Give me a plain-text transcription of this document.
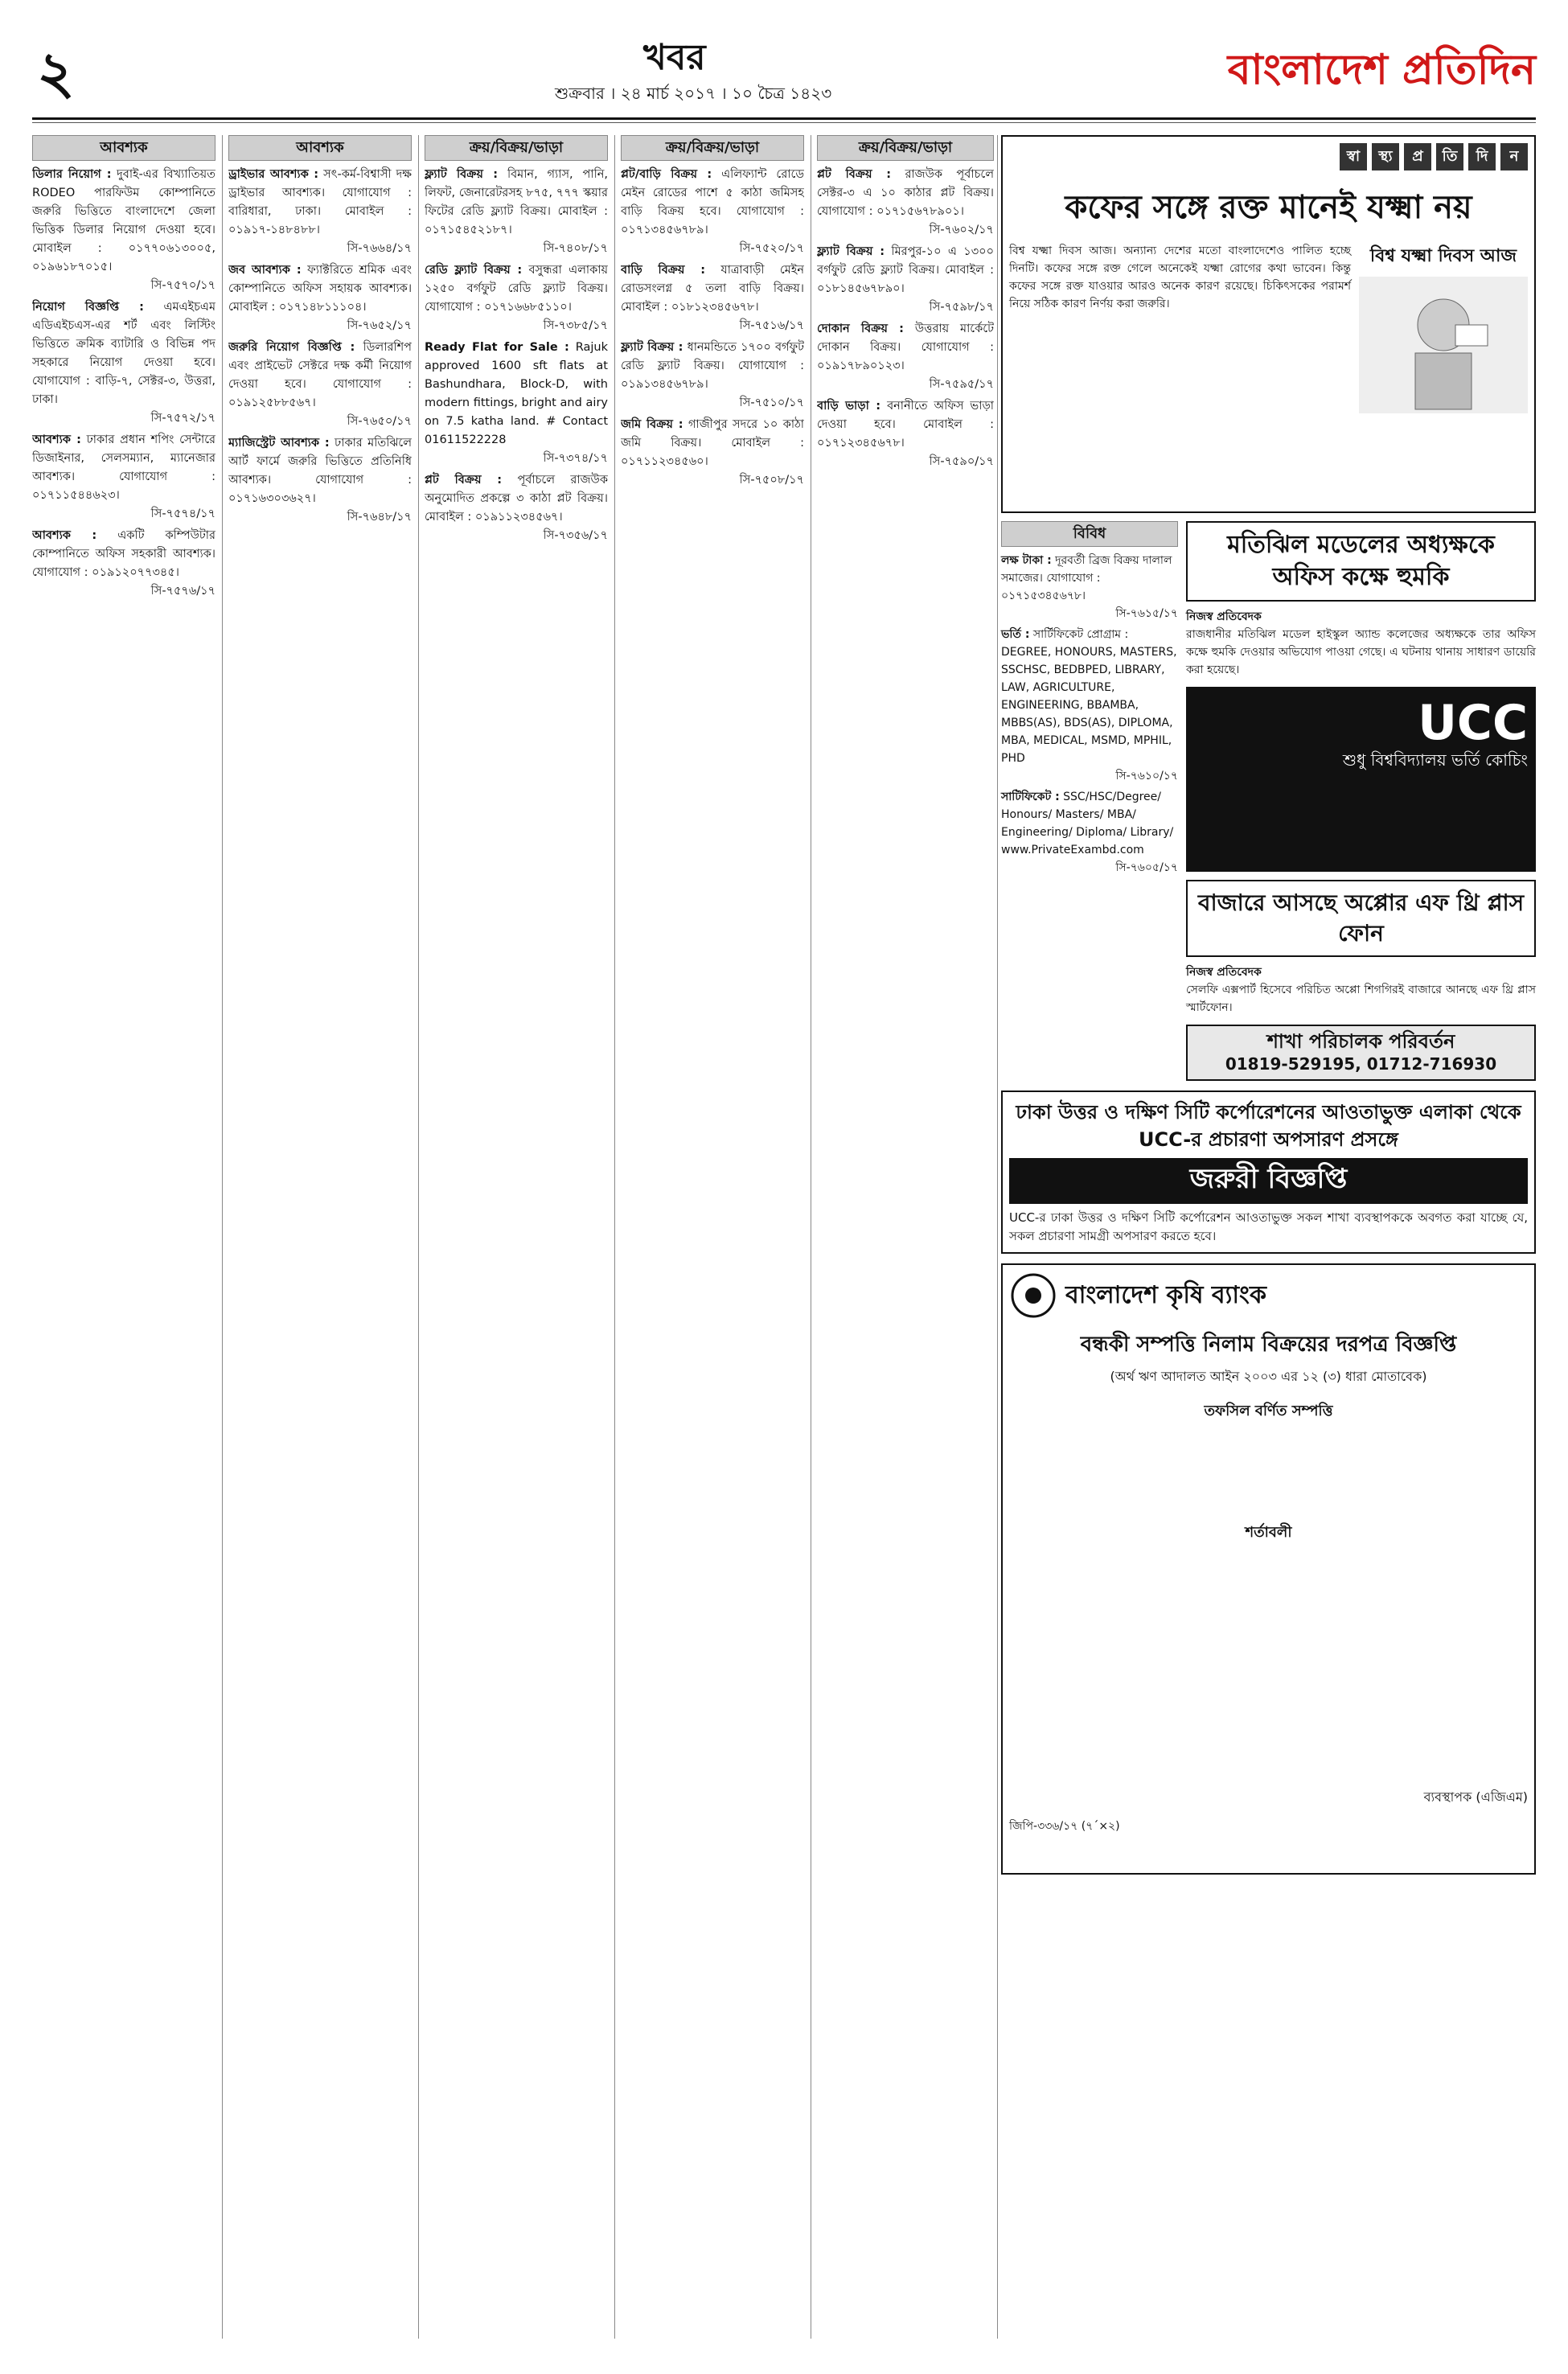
২	খবর
শুক্রবার । ২৪ মার্চ ২০১৭ । ১০ চৈত্র ১৪২৩	বাংলাদেশ প্রতিদিন
আবশ্যক
ডিলার নিয়োগ : দুবাই-এর বিখ্যাতিয়ত RODEO পারফিউম কোম্পানিতে জরুরি ভিত্তিতে বাংলাদেশে জেলা ভিত্তিক ডিলার নিয়োগ দেওয়া হবে। মোবাইল : ০১৭৭০৬১৩০০৫, ০১৯৬১৮৭০১৫।
সি-৭৫৭০/১৭
নিয়োগ বিজ্ঞপ্তি : এমএইচএম এডিএইচএস-এর শর্ট এবং লিস্টিং ভিত্তিতে ক্রমিক ব্যাটারি ও বিভিন্ন পদ সহকারে নিয়োগ দেওয়া হবে। যোগাযোগ : বাড়ি-৭, সেক্টর-৩, উত্তরা, ঢাকা।
সি-৭৫৭২/১৭
আবশ্যক : ঢাকার প্রধান শপিং সেন্টারে ডিজাইনার, সেলসম্যান, ম্যানেজার আবশ্যক। যোগাযোগ : ০১৭১১৫৪৪৬২৩।
সি-৭৫৭৪/১৭
আবশ্যক : একটি কম্পিউটার কোম্পানিতে অফিস সহকারী আবশ্যক। যোগাযোগ : ০১৯১২০৭৭৩৪৫।
সি-৭৫৭৬/১৭
আবশ্যক
ড্রাইভার আবশ্যক : সৎ-কর্ম-বিশ্বাসী দক্ষ ড্রাইভার আবশ্যক। যোগাযোগ : বারিধারা, ঢাকা। মোবাইল : ০১৯১৭-১৪৮৪৮৮।
সি-৭৬৬৪/১৭
জব আবশ্যক : ফ্যাক্টরিতে শ্রমিক এবং কোম্পানিতে অফিস সহায়ক আবশ্যক। মোবাইল : ০১৭১৪৮১১১০৪।
সি-৭৬৫২/১৭
জরুরি নিয়োগ বিজ্ঞপ্তি : ডিলারশিপ এবং প্রাইভেট সেক্টরে দক্ষ কর্মী নিয়োগ দেওয়া হবে। যোগাযোগ : ০১৯১২৫৮৮৫৬৭।
সি-৭৬৫০/১৭
ম্যাজিস্ট্রেট আবশ্যক : ঢাকার মতিঝিলে আর্ট ফার্মে জরুরি ভিত্তিতে প্রতিনিধি আবশ্যক। যোগাযোগ : ০১৭১৬৩০৩৬২৭।
সি-৭৬৪৮/১৭
ক্রয়/বিক্রয়/ভাড়া
ফ্ল্যাট বিক্রয় : বিমান, গ্যাস, পানি, লিফট, জেনারেটরসহ ৮৭৫, ৭৭৭ স্কয়ার ফিটের রেডি ফ্ল্যাট বিক্রয়। মোবাইল : ০১৭১৫৪৫২১৮৭।
সি-৭৪০৮/১৭
রেডি ফ্ল্যাট বিক্রয় : বসুন্ধরা এলাকায় ১২৫০ বর্গফুট রেডি ফ্ল্যাট বিক্রয়। যোগাযোগ : ০১৭১৬৬৮৫১১০।
সি-৭৩৮৫/১৭
Ready Flat for Sale : Rajuk approved 1600 sft flats at Bashundhara, Block-D, with modern fittings, bright and airy on 7.5 katha land. # Contact 01611522228
সি-৭৩৭৪/১৭
প্লট বিক্রয় : পূর্বাচলে রাজউক অনুমোদিত প্রকল্পে ৩ কাঠা প্লট বিক্রয়। মোবাইল : ০১৯১১২৩৪৫৬৭।
সি-৭৩৫৬/১৭
ক্রয়/বিক্রয়/ভাড়া
প্লট/বাড়ি বিক্রয় : এলিফ্যান্ট রোডে মেইন রোডের পাশে ৫ কাঠা জমিসহ বাড়ি বিক্রয় হবে। যোগাযোগ : ০১৭১৩৪৫৬৭৮৯।
সি-৭৫২০/১৭
বাড়ি বিক্রয় : যাত্রাবাড়ী মেইন রোডসংলগ্ন ৫ তলা বাড়ি বিক্রয়। মোবাইল : ০১৮১২৩৪৫৬৭৮।
সি-৭৫১৬/১৭
ফ্ল্যাট বিক্রয় : ধানমন্ডিতে ১৭০০ বর্গফুট রেডি ফ্ল্যাট বিক্রয়। যোগাযোগ : ০১৯১৩৪৫৬৭৮৯।
সি-৭৫১০/১৭
জমি বিক্রয় : গাজীপুর সদরে ১০ কাঠা জমি বিক্রয়। মোবাইল : ০১৭১১২৩৪৫৬০।
সি-৭৫০৮/১৭
ক্রয়/বিক্রয়/ভাড়া
প্লট বিক্রয় : রাজউক পূর্বাচলে সেক্টর-৩ এ ১০ কাঠার প্লট বিক্রয়। যোগাযোগ : ০১৭১৫৬৭৮৯০১।
সি-৭৬০২/১৭
ফ্ল্যাট বিক্রয় : মিরপুর-১০ এ ১৩০০ বর্গফুট রেডি ফ্ল্যাট বিক্রয়। মোবাইল : ০১৮১৪৫৬৭৮৯০।
সি-৭৫৯৮/১৭
দোকান বিক্রয় : উত্তরায় মার্কেটে দোকান বিক্রয়। যোগাযোগ : ০১৯১৭৮৯০১২৩।
সি-৭৫৯৫/১৭
বাড়ি ভাড়া : বনানীতে অফিস ভাড়া দেওয়া হবে। মোবাইল : ০১৭১২৩৪৫৬৭৮।
সি-৭৫৯০/১৭
স্বা	স্থ্য	প্র	তি	দি	ন
কফের সঙ্গে রক্ত মানেই যক্ষ্মা নয়
বিশ্ব যক্ষ্মা দিবস আজ। অন্যান্য দেশের মতো বাংলাদেশেও পালিত হচ্ছে দিনটি। কফের সঙ্গে রক্ত গেলে অনেকেই যক্ষ্মা রোগের কথা ভাবেন। কিন্তু কফের সঙ্গে রক্ত যাওয়ার আরও অনেক কারণ রয়েছে। চিকিৎসকের পরামর্শ নিয়ে সঠিক কারণ নির্ণয় করা জরুরি।
বিশ্ব যক্ষ্মা দিবস আজ
বিবিধ
লক্ষ টাকা : দূরবর্তী ব্রিজ বিক্রয় দালাল সমাজের। যোগাযোগ : ০১৭১৫৩৪৫৬৭৮।
সি-৭৬১৫/১৭
ভর্তি : সার্টিফিকেট প্রোগ্রাম : DEGREE, HONOURS, MASTERS, SSCHSC, BEDBPED, LIBRARY, LAW, AGRICULTURE, ENGINEERING, BBAMBA, MBBS(AS), BDS(AS), DIPLOMA, MBA, MEDICAL, MSMD, MPHIL, PHD
সি-৭৬১০/১৭
সাটিফিকেট : SSC/HSC/Degree/ Honours/ Masters/ MBA/ Engineering/ Diploma/ Library/ www.PrivateExambd.com
সি-৭৬০৫/১৭
মতিঝিল মডেলের অধ্যক্ষকে অফিস কক্ষে হুমকি
নিজস্ব প্রতিবেদক
রাজধানীর মতিঝিল মডেল হাইস্কুল অ্যান্ড কলেজের অধ্যক্ষকে তার অফিস কক্ষে হুমকি দেওয়ার অভিযোগ পাওয়া গেছে। এ ঘটনায় থানায় সাধারণ ডায়েরি করা হয়েছে।
UCC
শুধু বিশ্ববিদ্যালয় ভর্তি কোচিং
বাজারে আসছে অপ্পোর এফ থ্রি প্লাস ফোন
নিজস্ব প্রতিবেদক
সেলফি এক্সপার্ট হিসেবে পরিচিত অপ্পো শিগগিরই বাজারে আনছে এফ থ্রি প্লাস স্মার্টফোন।
শাখা পরিচালক পরিবর্তন
01819-529195, 01712-716930
ঢাকা উত্তর ও দক্ষিণ সিটি কর্পোরেশনের আওতাভুক্ত এলাকা থেকে UCC-র প্রচারণা অপসারণ প্রসঙ্গে
জরুরী বিজ্ঞপ্তি
UCC-র ঢাকা উত্তর ও দক্ষিণ সিটি কর্পোরেশন আওতাভুক্ত সকল শাখা ব্যবস্থাপককে অবগত করা যাচ্ছে যে, সকল প্রচারণা সামগ্রী অপসারণ করতে হবে।
বাংলাদেশ কৃষি ব্যাংক
বন্ধকী সম্পত্তি নিলাম বিক্রয়ের দরপত্র বিজ্ঞপ্তি
(অর্থ ঋণ আদালত আইন ২০০৩ এর ১২ (৩) ধারা মোতাবেক)
তফসিল বর্ণিত সম্পত্তি
শর্তাবলী
ব্যবস্থাপক (এজিএম)
জিপি-৩৩৬/১৭ (৭´×২)
